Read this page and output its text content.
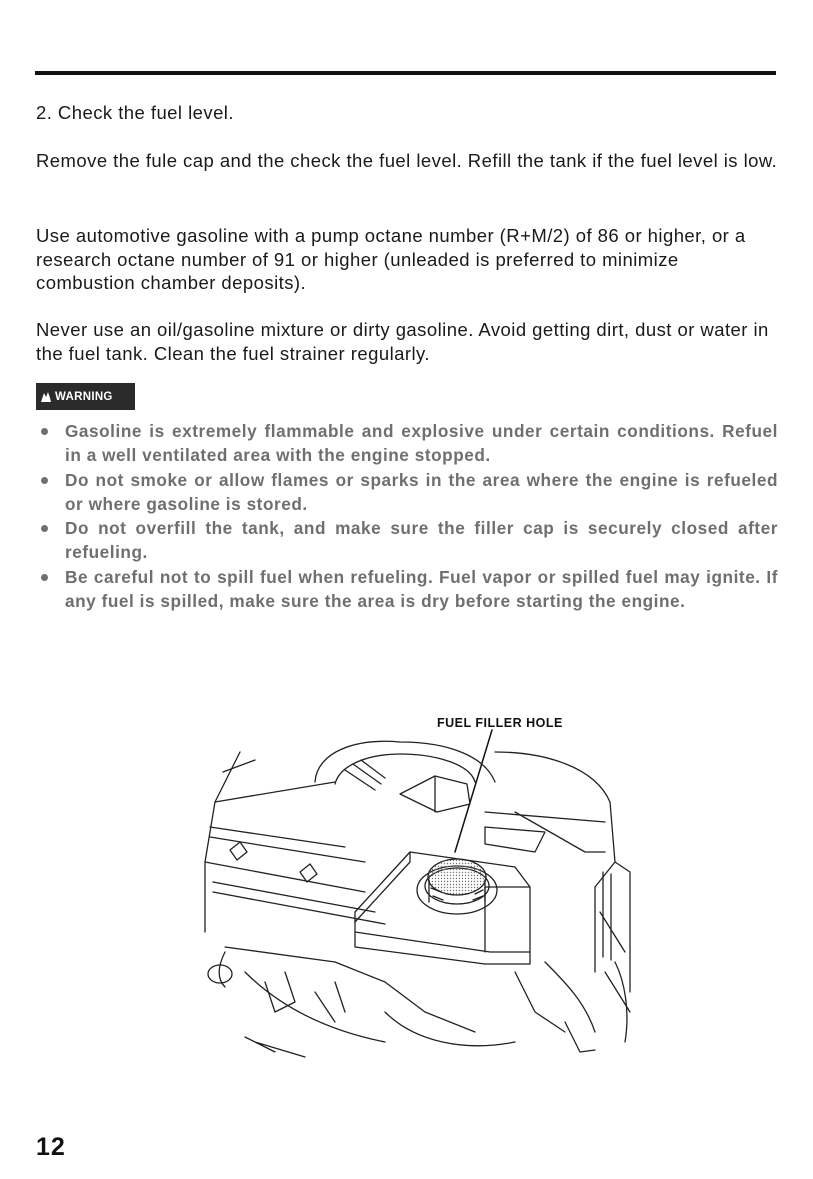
2. Check the fuel level.

Remove the fule cap and the check the fuel level. Refill the tank if the fuel level is low.

Use automotive gasoline with a pump octane number (R+M/2) of 86 or higher, or a research octane number of 91 or higher (unleaded is preferred to minimize combustion chamber deposits).

Never use an oil/gasoline mixture or dirty gasoline. Avoid getting dirt, dust or water in the fuel tank. Clean the fuel strainer regularly.

WARNING
Gasoline is extremely flammable and explosive under certain conditions. Refuel in a well ventilated area with the engine stopped.
Do not smoke or allow flames or sparks in the area where the engine is refueled or where gasoline is stored.
Do not overfill the tank, and make sure the filler cap is securely closed after refueling.
Be careful not to spill fuel when refueling. Fuel vapor or spilled fuel may ignite. If any fuel is spilled, make sure the area is dry before starting the engine.
FUEL FILLER HOLE
12
